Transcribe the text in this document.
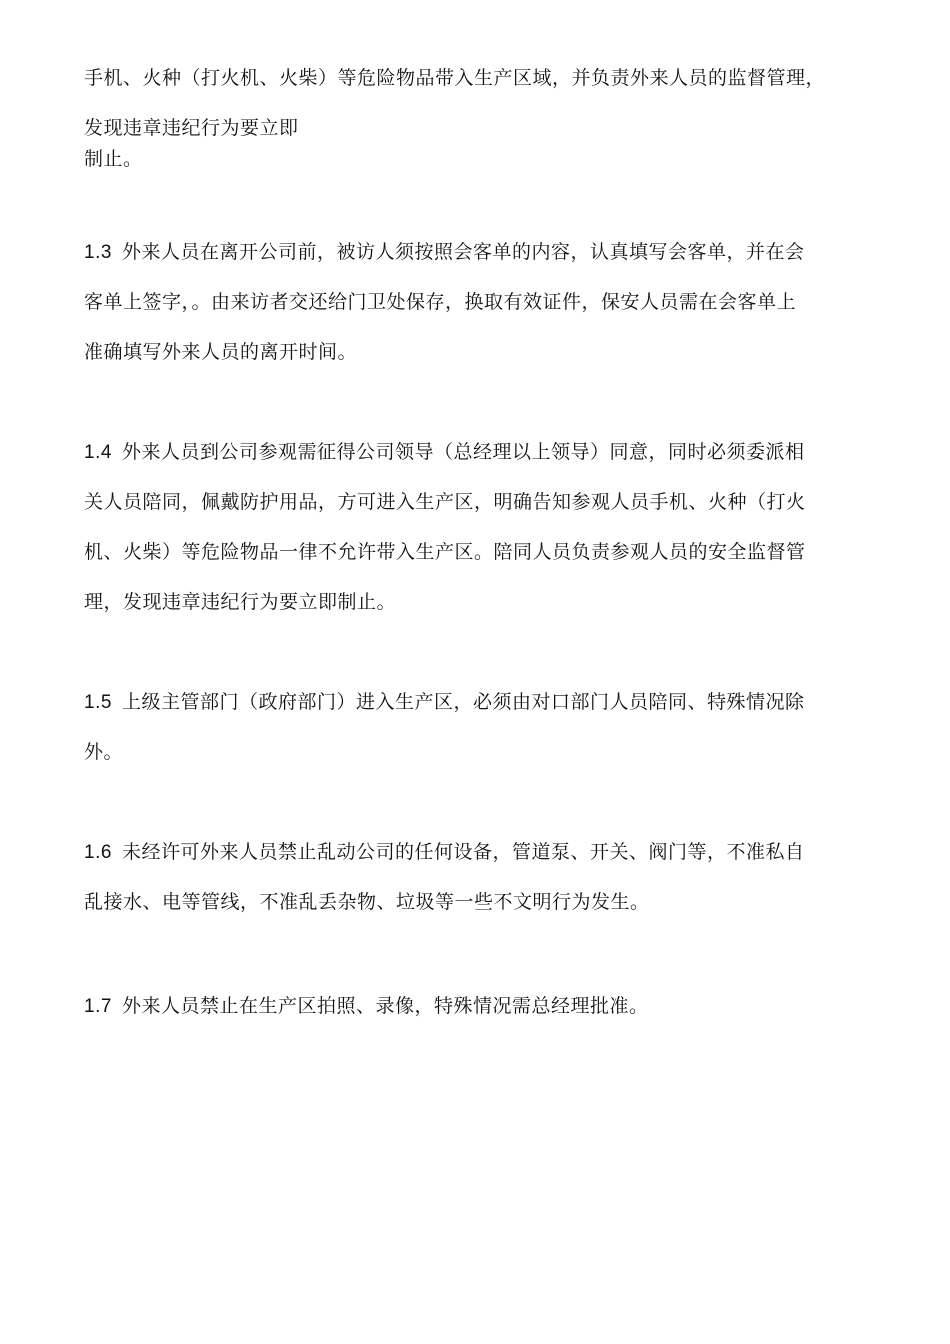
手机、火种（打火机、火柴）等危险物品带入生产区域，并负责外来人员的监督管理，
发现违章违纪行为要立即
制止。
1.3 外来人员在离开公司前，被访人须按照会客单的内容，认真填写会客单，并在会
客单上签字，。由来访者交还给门卫处保存，换取有效证件，保安人员需在会客单上
准确填写外来人员的离开时间。
1.4 外来人员到公司参观需征得公司领导（总经理以上领导）同意，同时必须委派相
关人员陪同，佩戴防护用品，方可进入生产区，明确告知参观人员手机、火种（打火
机、火柴）等危险物品一律不允许带入生产区。陪同人员负责参观人员的安全监督管
理，发现违章违纪行为要立即制止。
1.5 上级主管部门（政府部门）进入生产区，必须由对口部门人员陪同、特殊情况除
外。
1.6 未经许可外来人员禁止乱动公司的任何设备，管道泵、开关、阀门等，不准私自
乱接水、电等管线，不准乱丢杂物、垃圾等一些不文明行为发生。
1.7 外来人员禁止在生产区拍照、录像，特殊情况需总经理批准。
